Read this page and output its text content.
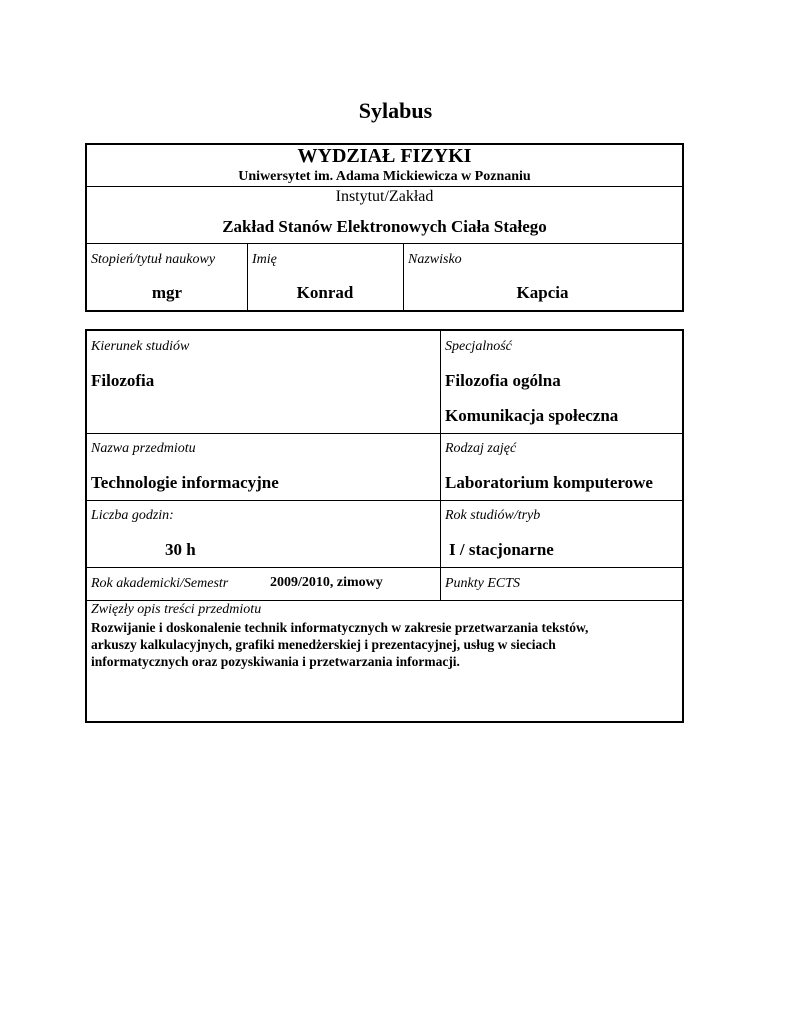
Sylabus
WYDZIAŁ FIZYKI
Uniwersytet im. Adama Mickiewicza w Poznaniu
Instytut/Zakład
Zakład Stanów Elektronowych Ciała Stałego
Stopień/tytuł naukowy
mgr
Imię
Konrad
Nazwisko
Kapcia
Kierunek studiów
Filozofia
Specjalność
Filozofia ogólna
Komunikacja społeczna
Nazwa przedmiotu
Technologie informacyjne
Rodzaj zajęć
Laboratorium komputerowe
Liczba godzin:
30 h
Rok studiów/tryb
I / stacjonarne
Rok akademicki/Semestr	2009/2010, zimowy	Punkty ECTS
Zwięzły opis treści przedmiotu
Rozwijanie i doskonalenie technik informatycznych w zakresie przetwarzania tekstów,
arkuszy kalkulacyjnych, grafiki menedżerskiej i prezentacyjnej, usług w sieciach
informatycznych oraz pozyskiwania i przetwarzania informacji.
